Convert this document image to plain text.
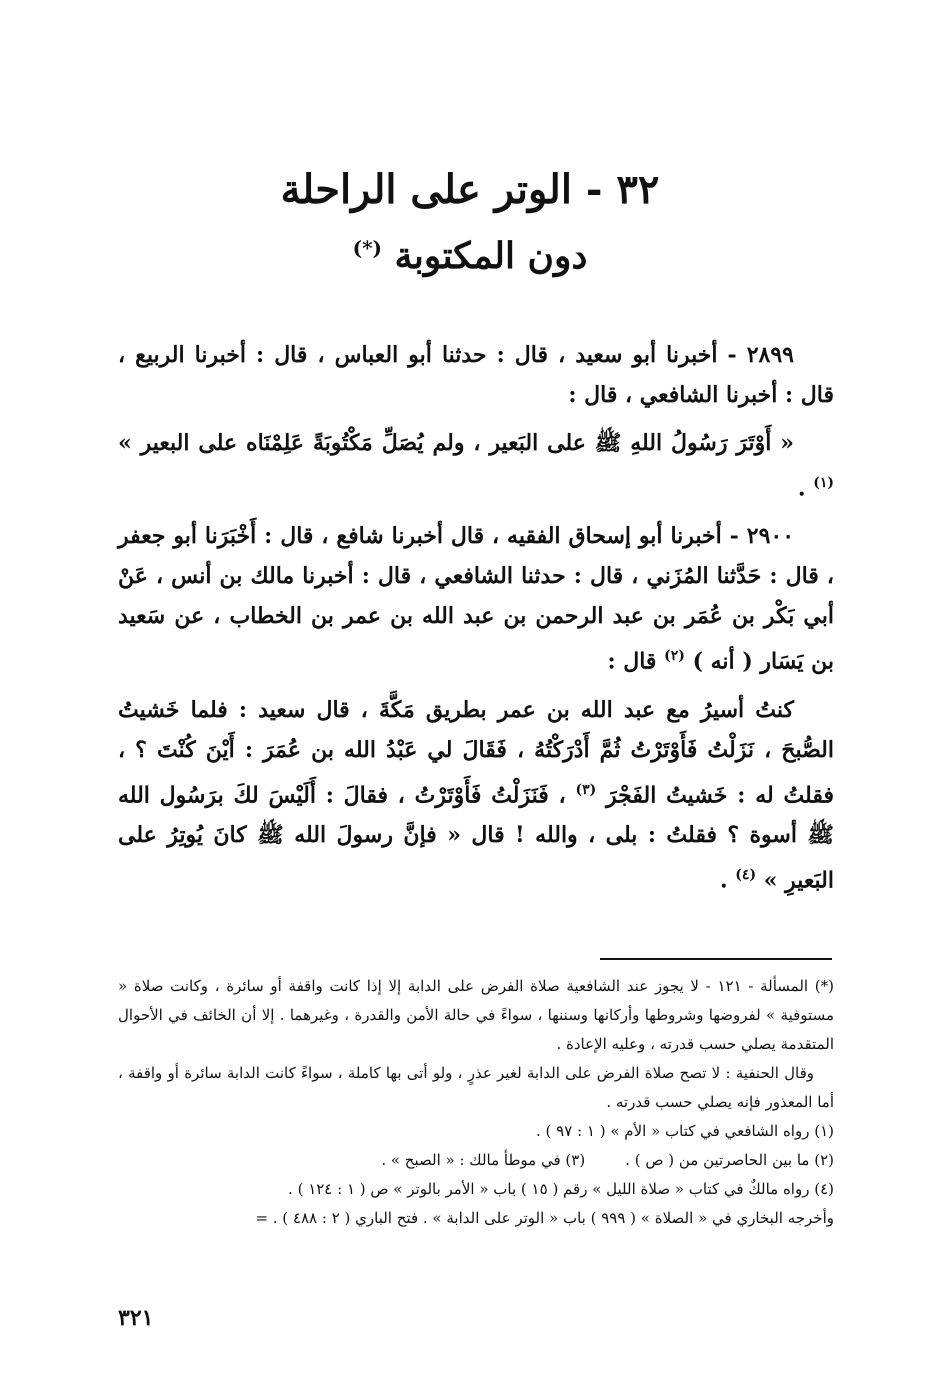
٣٢ - الوتر على الراحلة
دون المكتوبة (*)

٢٨٩٩ - أخبرنا أبو سعيد ، قال : حدثنا أبو العباس ، قال : أخبرنا الربيع ، قال : أخبرنا الشافعي ، قال :

« أَوْتَرَ رَسُولُ اللهِ ﷺ على البَعير ، ولم يُصَلِّ مَكْتُوبَةً عَلِمْنَاه على البعير » $^{(١)}$ .

٢٩٠٠ - أخبرنا أبو إسحاق الفقيه ، قال أخبرنا شافع ، قال : أَخْبَرَنا أبو جعفر ، قال : حَدَّثنا المُزَني ، قال : حدثنا الشافعي ، قال : أخبرنا مالك بن أنس ، عَنْ أبي بَكْر بن عُمَر بن عبد الرحمن بن عبد الله بن عمر بن الخطاب ، عن سَعيد بن يَسَار ( أنه ) $^{(٢)}$ قال :

كنتُ أسيرُ مع عبد الله بن عمر بطريق مَكَّةَ ، قال سعيد : فلما خَشيتُ الصُّبحَ ، نَزَلْتُ فَأَوْتَرْتُ ثُمَّ أَدْرَكْتُهُ ، فَقَالَ لي عَبْدُ الله بن عُمَرَ : أَيْنَ كُنْتَ ؟ ، فقلتُ له : خَشيتُ الفَجْرَ $^{(٣)}$ ، فَنَزَلْتُ فَأَوْتَرْتُ ، فقالَ : أَلَيْسَ لكَ برَسُول الله ﷺ أسوة ؟ فقلتُ : بلى ، والله ! قال « فإنَّ رسولَ الله ﷺ كانَ يُوتِرُ على البَعيرِ » $^{(٤)}$ .

(*) المسألة - ١٢١ - لا يجوز عند الشافعية صلاة الفرض على الدابة إلا إذا كانت واقفة أو سائرة ، وكانت صلاة « مستوفية » لفروضها وشروطها وأركانها وسننها ، سواءً في حالة الأمن والقدرة ، وغيرهما . إلا أن الخائف في الأحوال المتقدمة يصلي حسب قدرته ، وعليه الإعادة .

وقال الحنفية : لا تصح صلاة الفرض على الدابة لغير عذرٍ ، ولو أتى بها كاملة ، سواءً كانت الدابة سائرة أو واقفة ، أما المعذور فإنه يصلي حسب قدرته .

(١) رواه الشافعي في كتاب « الأم » ( ١ : ٩٧ ) .

(٢) ما بين الحاصرتين من ( ص ) .
(٣) في موطأ مالك : « الصبح » .

(٤) رواه مالكٌ في كتاب « صلاة الليل » رقم ( ١٥ ) باب « الأمر بالوتر » ص ( ١ : ١٢٤ ) .

وأخرجه البخاري في « الصلاة » ( ٩٩٩ ) باب « الوتر على الدابة » . فتح الباري ( ٢ : ٤٨٨ ) . =

٣٢١
